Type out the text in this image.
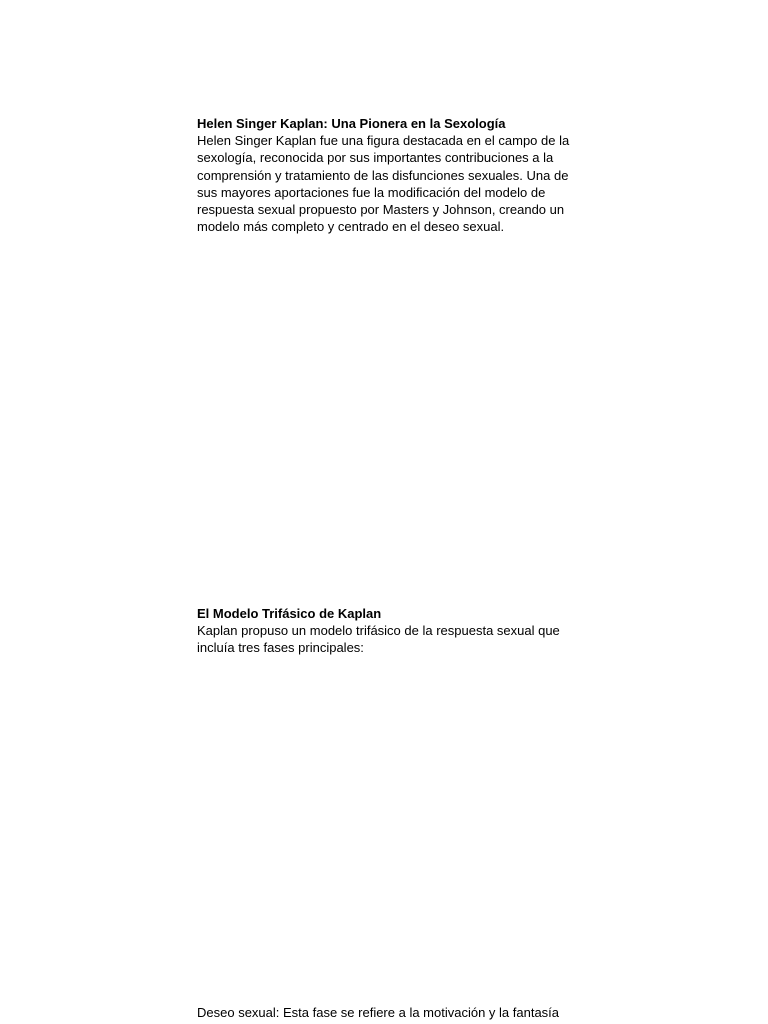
Helen Singer Kaplan: Una Pionera en la Sexología

Helen Singer Kaplan fue una figura destacada en el campo de la sexología, reconocida por sus importantes contribuciones a la comprensión y tratamiento de las disfunciones sexuales. Una de sus mayores aportaciones fue la modificación del modelo de respuesta sexual propuesto por Masters y Johnson, creando un modelo más completo y centrado en el deseo sexual.

El Modelo Trifásico de Kaplan

Kaplan propuso un modelo trifásico de la respuesta sexual que incluía tres fases principales:

Deseo sexual: Esta fase se refiere a la motivación y la fantasía
